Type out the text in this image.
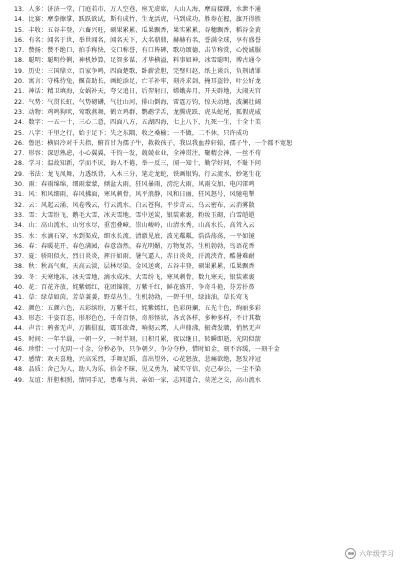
13．人多：济济一堂，门庭若市，万人空巷，座无虚席，人山人海，摩肩接踵，水泄不通
14．比赛：摩拳擦掌，跃跃欲试，斯有成竹，生龙活虎，马到成功，胜券在握，旗开得胜
15．丰收：五谷丰登，六畜兴旺，硕果累累，瓜果飘香，果实累累，谷穗飘香，稻谷金黄
16．有名：闻名于世，举世闻名，闻名天下，大名鼎鼎，赫赫有名，誉满全球，享有盛誉
17．赞扬：赞不绝口，拍手称快，交口称誉，有口皆碑，歌功颂德，击节称赏，心悦诚服
18．聪明：聪明伶俐，神机妙算，足智多谋，才华横溢，料事如神，冰雪聪明，博古通今
19．历史：三国鼎立，百家争鸣，四面楚歌，卧薪尝胆，完璧归赵，纸上谈兵，负荆请罪
20．寓言：守株待兔，揠苗助长，画蛇添足，亡羊补牢，刻舟求剑，掩耳盗铃，叶公好龙
21．神话：精卫填海，女娲补天，夸父追日，后羿射日，嫦娥奔月，开天辟地，大闹天宫
22．气势：气贯长虹，气势磅礴，气壮山河，排山倒海，雷霆万钧，惊天动地，波澜壮阔
23．动物：鸡鸣狗吠，莺歌燕舞，鹤立鸡群，鹦鹉学舌，龙腾虎跃，虎头蛇尾，狐假虎威
24．数字：一五一十，三心二意，四面八方，五湖四海，七上八下，九死一生，十全十美
25．八字：千里之行，始于足下；失之东隅，收之桑榆；一不做，二不休，只许成功
26．鲁迅：横眉冷对千夫指，俯首甘为孺子牛，救救孩子，我以我血荐轩辕，孺子牛，一个都不宽恕
27．形容：深思熟虑，小心翼翼，千钧一发，兢兢业业，全神贯注，聚精会神，一丝不苟
28．学习：温故知新，学而不厌，诲人不倦，举一反三，闻一知十，勤学好问，不耻下问
29．书法：龙飞凤舞，力透纸背，入木三分，笔走龙蛇，铁画银钩，行云流水，妙笔生花
30．雨：春雨绵绵，细雨蒙蒙，倾盆大雨，狂风暴雨，滂沱大雨，风雨交加，电闪雷鸣
31．风：和风细雨，春风拂面，寒风刺骨，风平浪静，风和日丽，狂风怒号，风驰电掣
32．云：风起云涌，风卷残云，行云流水，白云苍狗，平步青云，乌云密布，云消雾散
33．雪：大雪纷飞，鹅毛大雪，冰天雪地，雪中送炭，银装素裹，粉妆玉砌，白雪皑皑
34．山：高山流水，山穷水尽，重峦叠嶂，崇山峻岭，山清水秀，山高水长，高耸入云
35．水：水滴石穿，水到渠成，细水长流，清澈见底，波光粼粼，浩浩荡荡，一平如镜
36．春：春暖花开，春色满园，春意盎然，春光明媚，万物复苏，生机勃勃，鸟语花香
37．夏：骄阳似火，烈日炎炎，挥汗如雨，暑气逼人，赤日炎炎，汗流浃背，酷暑难耐
38．秋：秋高气爽，天高云淡，层林尽染，金风送爽，五谷丰登，硕果累累，瓜果飘香
39．冬：天寒地冻，冰天雪地，滴水成冰，大雪纷飞，寒风刺骨，数九寒天，银装素裹
40．花：百花齐放，姹紫嫣红，花团锦簇，万紫千红，鲜花盛开，争奇斗艳，芬芳扑鼻
41．草：绿草如茵，芳草萋萋，野草丛生，生机勃勃，一碧千里，绿油油，草长莺飞
42．颜色：五颜六色，五彩缤纷，万紫千红，姹紫嫣红，色彩斑斓，五光十色，绚丽多彩
43．形态：千姿百态，形形色色，千奇百怪，奇形怪状，各式各样，多种多样，不计其数
44．声音：鸦雀无声，万籁俱寂，震耳欲聋，响彻云霄，人声鼎沸，振聋发聩，悄然无声
45．时间：一年半载，一朝一夕，一时半刻，日积月累，夜以继日，转瞬即逝，光阴似箭
46．珍惜：一寸光阴一寸金，分秒必争，只争朝夕，争分夺秒，惜时如金，刻不容缓，一刻千金
47．感情：欢天喜地，兴高采烈，手舞足蹈，喜出望外，心花怒放，悲痛欲绝，怒发冲冠
48．品质：舍己为人，助人为乐，拾金不昧，见义勇为，诚实守信，克己奉公，一尘不染
49．友谊：肝胆相照，情同手足，患难与共，亲如一家，志同道合，莫逆之交，高山流水
六年级学习
